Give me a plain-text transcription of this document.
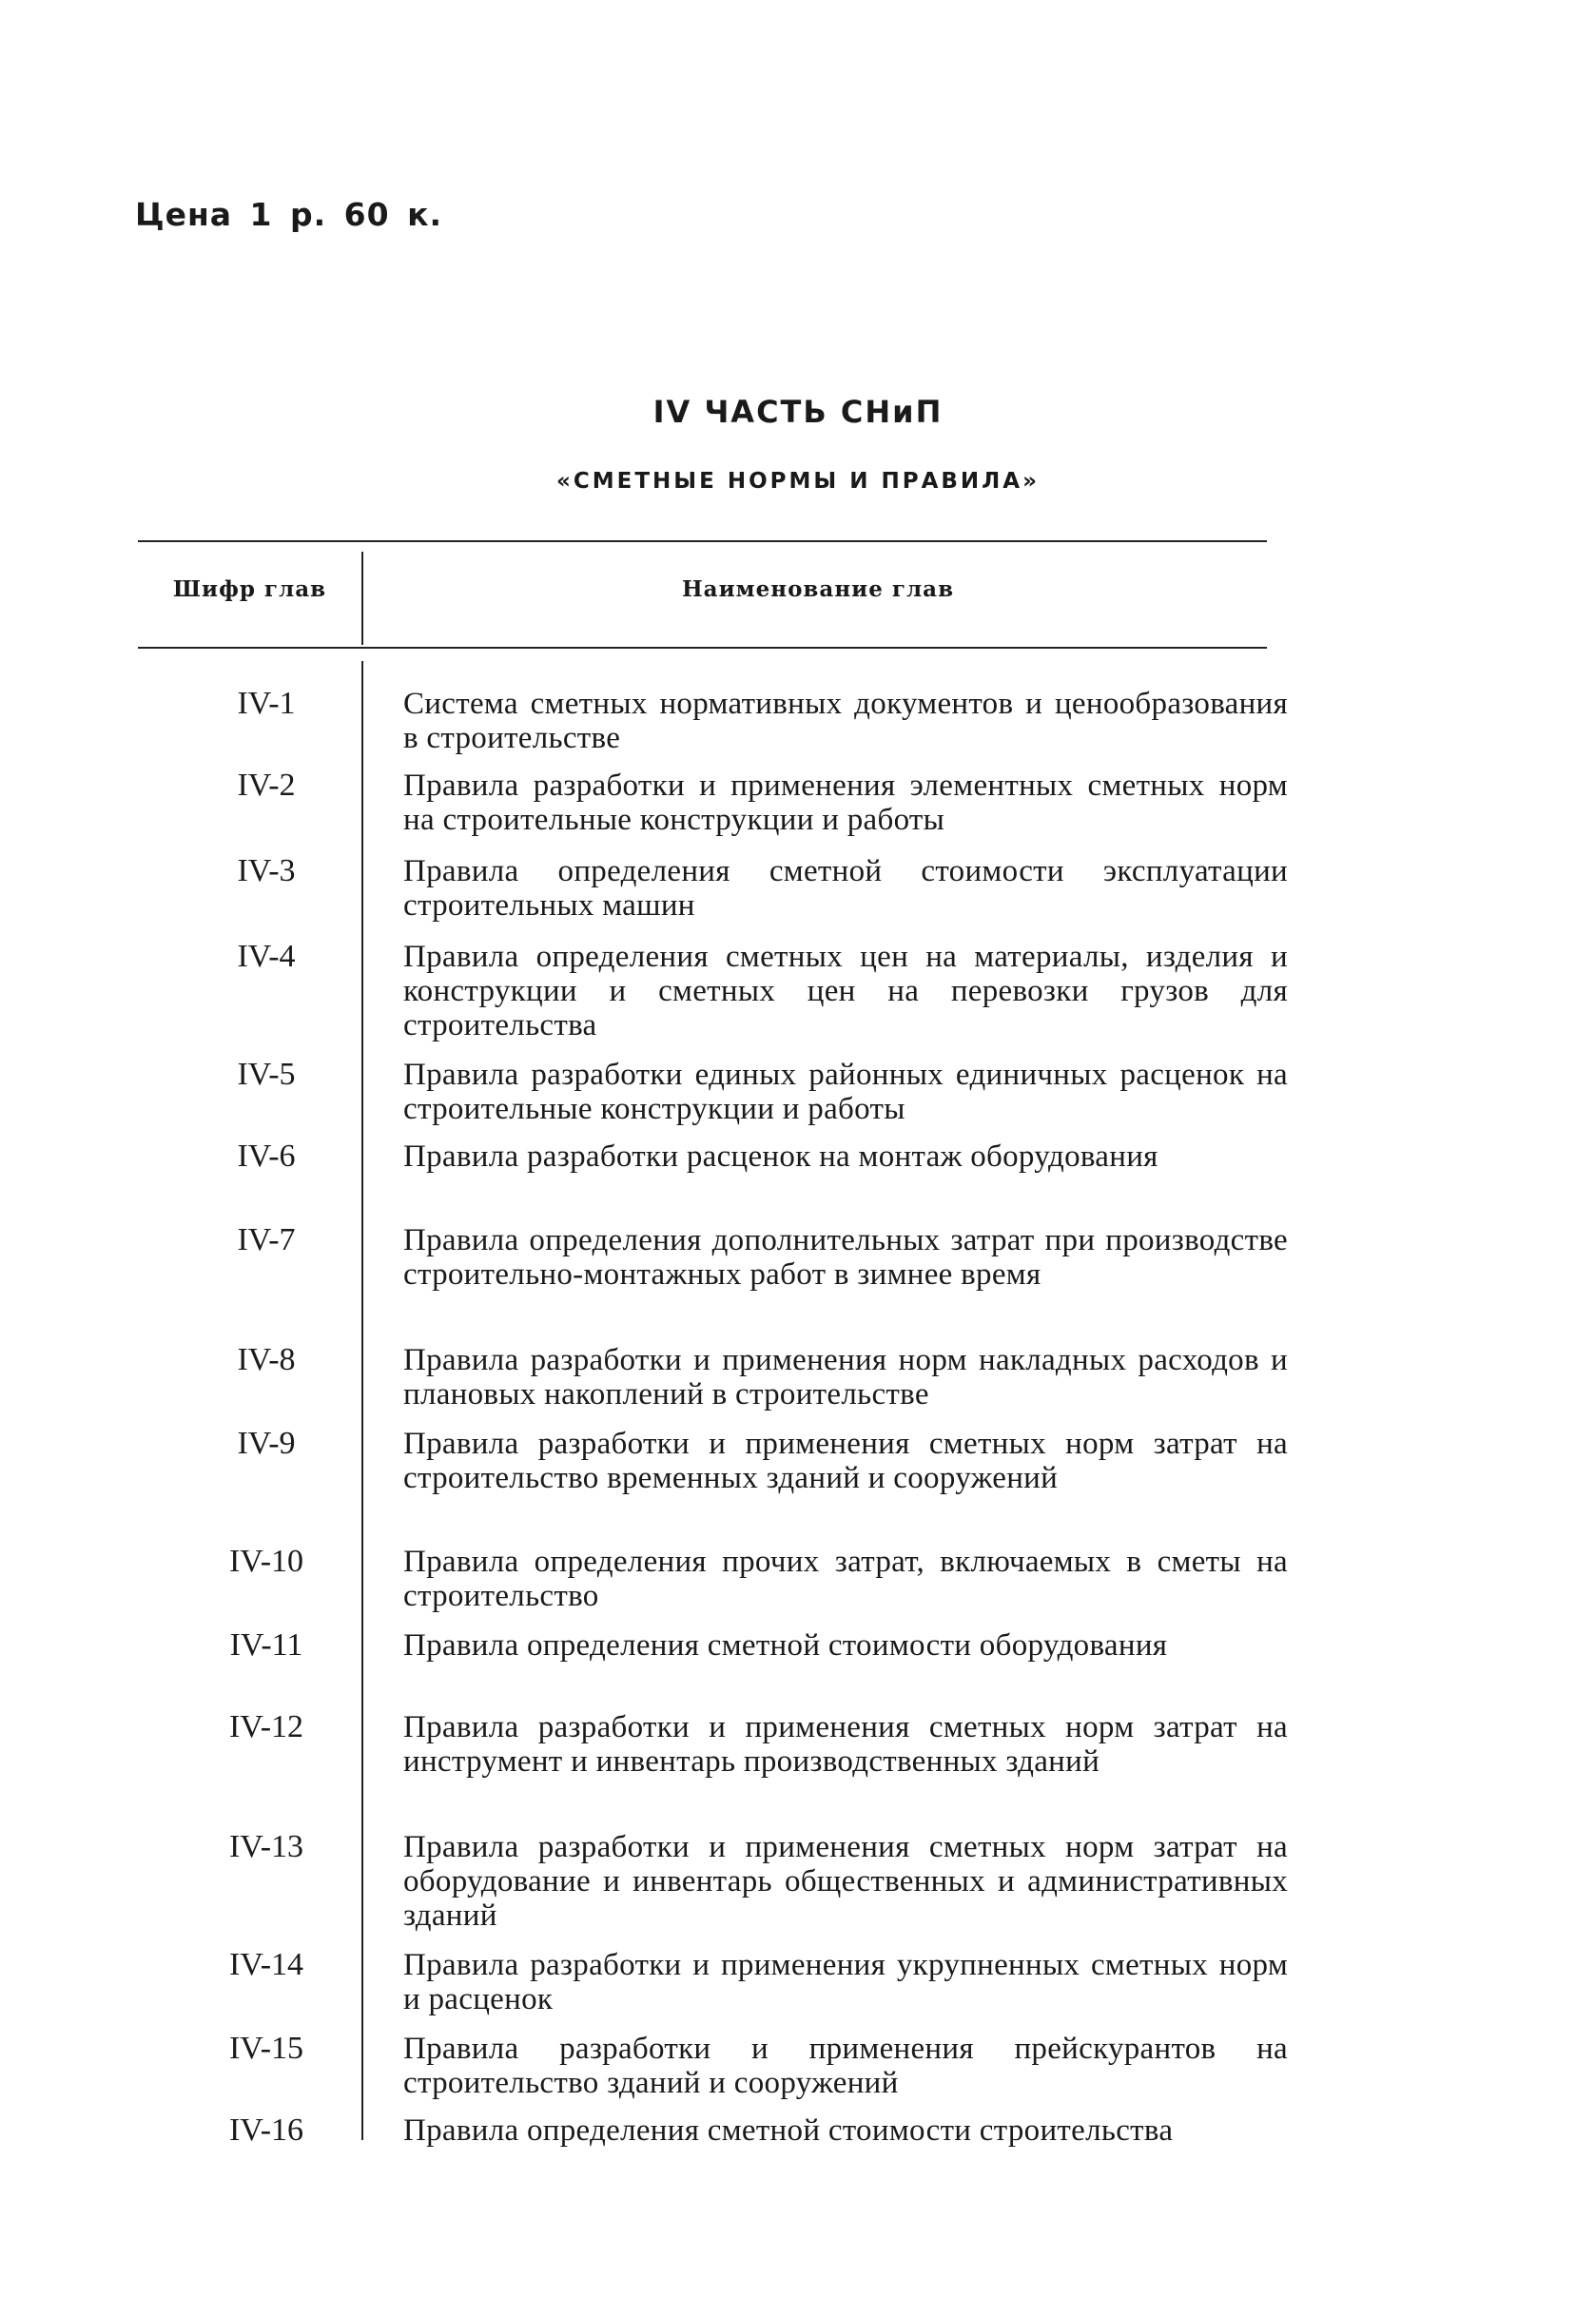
Цена 1 р. 60 к.
IV ЧАСТЬ СНиП
«СМЕТНЫЕ НОРМЫ И ПРАВИЛА»
Шифр глав	Наименование глав
IV-1	Система сметных нормативных документов и ценообразования в строительстве
IV-2	Правила разработки и применения элементных сметных норм на строительные конструкции и работы
IV-3	Правила определения сметной стоимости эксплуатации строительных машин
IV-4	Правила определения сметных цен на материалы, изделия и конструкции и сметных цен на перевозки грузов для строительства
IV-5	Правила разработки единых районных единичных расценок на строительные конструкции и работы
IV-6	Правила разработки расценок на монтаж оборудования
IV-7	Правила определения дополнительных затрат при производстве строительно-монтажных работ в зимнее время
IV-8	Правила разработки и применения норм накладных расходов и плановых накоплений в строительстве
IV-9	Правила разработки и применения сметных норм затрат на строительство временных зданий и сооружений
IV-10	Правила определения прочих затрат, включаемых в сметы на строительство
IV-11	Правила определения сметной стоимости оборудования
IV-12	Правила разработки и применения сметных норм затрат на инструмент и инвентарь производственных зданий
IV-13	Правила разработки и применения сметных норм затрат на оборудование и инвентарь общественных и административных зданий
IV-14	Правила разработки и применения укрупненных сметных норм и расценок
IV-15	Правила разработки и применения прейскурантов на строительство зданий и сооружений
IV-16	Правила определения сметной стоимости строительства
